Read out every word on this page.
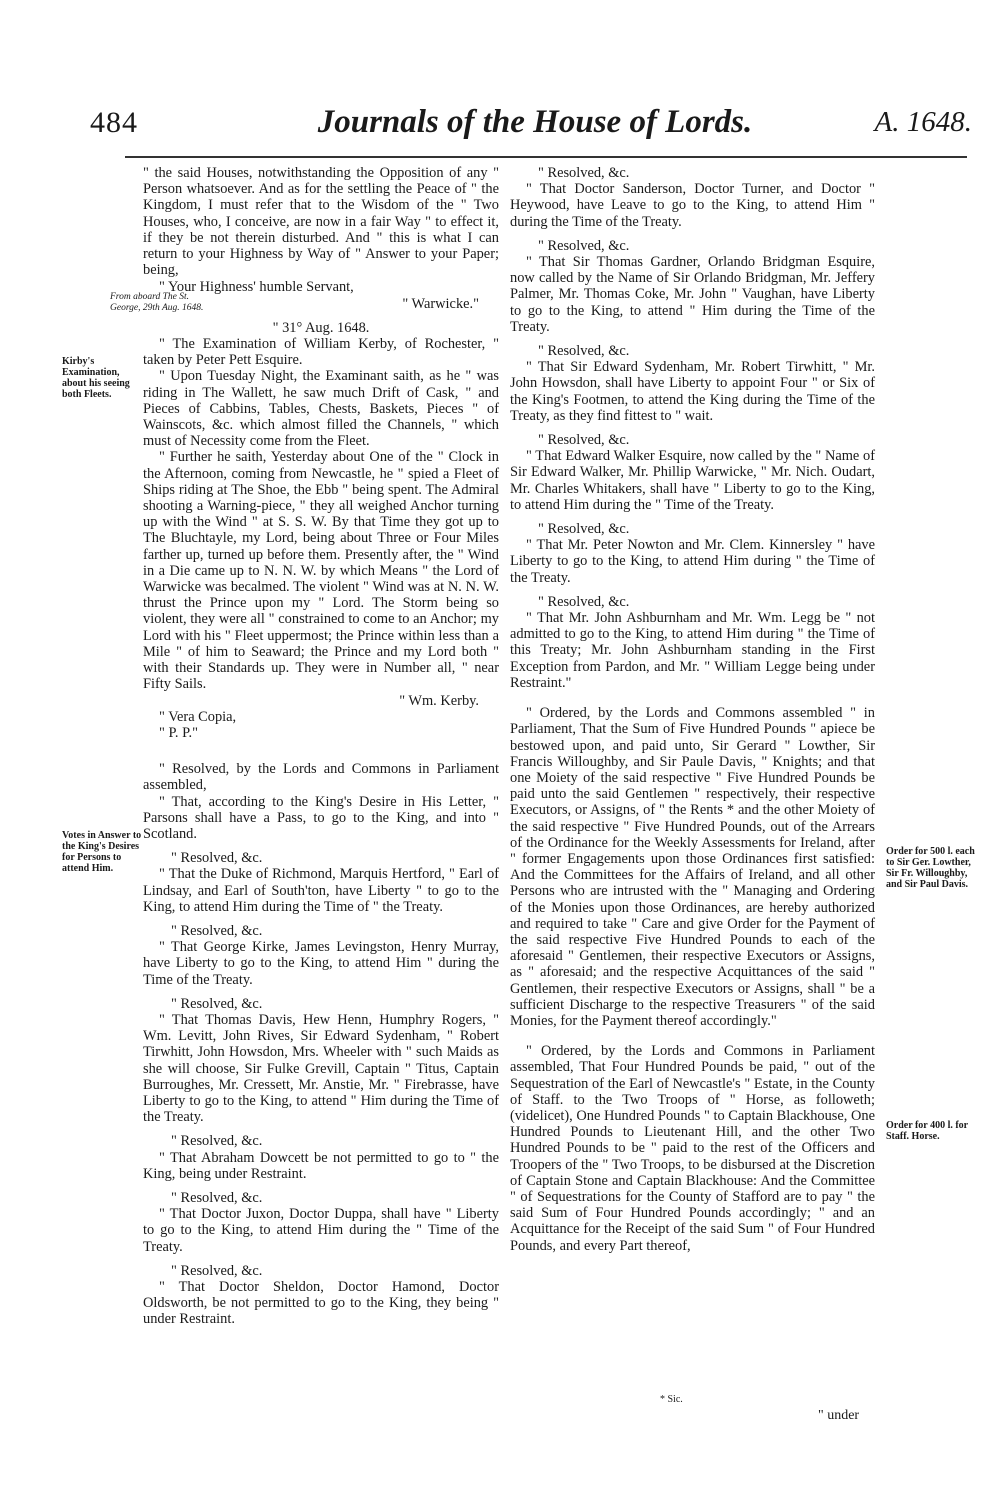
484	Journals of the House of Lords.	A. 1648.
From aboard The St. George, 29th Aug. 1648.
Kirby's Examination, about his seeing both Fleets.
Votes in Answer to the King's Desires for Persons to attend Him.
Order for 500 l. each to Sir Ger. Lowther, Sir Fr. Willoughby, and Sir Paul Davis.
Order for 400 l. for Staff. Horse.

" the said Houses, notwithstanding the Opposition of any " Person whatsoever. And as for the settling the Peace of " the Kingdom, I must refer that to the Wisdom of the " Two Houses, who, I conceive, are now in a fair Way " to effect it, if they be not therein disturbed. And " this is what I can return to your Highness by Way of " Answer to your Paper; being,

" Your Highness' humble Servant,

" Warwicke."

" 31° Aug. 1648.

" The Examination of William Kerby, of Rochester, " taken by Peter Pett Esquire.

" Upon Tuesday Night, the Examinant saith, as he " was riding in The Wallett, he saw much Drift of Cask, " and Pieces of Cabbins, Tables, Chests, Baskets, Pieces " of Wainscots, &c. which almost filled the Channels, " which must of Necessity come from the Fleet.

" Further he saith, Yesterday about One of the " Clock in the Afternoon, coming from Newcastle, he " spied a Fleet of Ships riding at The Shoe, the Ebb " being spent. The Admiral shooting a Warning-piece, " they all weighed Anchor turning up with the Wind " at S. S. W. By that Time they got up to The Bluchtayle, my Lord, being about Three or Four Miles farther up, turned up before them. Presently after, the " Wind in a Die came up to N. N. W. by which Means " the Lord of Warwicke was becalmed. The violent " Wind was at N. N. W. thrust the Prince upon my " Lord. The Storm being so violent, they were all " constrained to come to an Anchor; my Lord with his " Fleet uppermost; the Prince within less than a Mile " of him to Seaward; the Prince and my Lord both " with their Standards up. They were in Number all, " near Fifty Sails.

" Wm. Kerby.

" Vera Copia,

" P. P."

" Resolved, by the Lords and Commons in Parliament assembled,

" That, according to the King's Desire in His Letter, " Parsons shall have a Pass, to go to the King, and into " Scotland.

" Resolved, &c.

" That the Duke of Richmond, Marquis Hertford, " Earl of Lindsay, and Earl of South'ton, have Liberty " to go to the King, to attend Him during the Time of " the Treaty.

" Resolved, &c.

" That George Kirke, James Levingston, Henry Murray, have Liberty to go to the King, to attend Him " during the Time of the Treaty.

" Resolved, &c.

" That Thomas Davis, Hew Henn, Humphry Rogers, " Wm. Levitt, John Rives, Sir Edward Sydenham, " Robert Tirwhitt, John Howsdon, Mrs. Wheeler with " such Maids as she will choose, Sir Fulke Grevill, Captain " Titus, Captain Burroughes, Mr. Cressett, Mr. Anstie, Mr. " Firebrasse, have Liberty to go to the King, to attend " Him during the Time of the Treaty.

" Resolved, &c.

" That Abraham Dowcett be not permitted to go to " the King, being under Restraint.

" Resolved, &c.

" That Doctor Juxon, Doctor Duppa, shall have " Liberty to go to the King, to attend Him during the " Time of the Treaty.

" Resolved, &c.

" That Doctor Sheldon, Doctor Hamond, Doctor Oldsworth, be not permitted to go to the King, they being " under Restraint.

" Resolved, &c.

" That Doctor Sanderson, Doctor Turner, and Doctor " Heywood, have Leave to go to the King, to attend Him " during the Time of the Treaty.

" Resolved, &c.

" That Sir Thomas Gardner, Orlando Bridgman Esquire, now called by the Name of Sir Orlando Bridgman, Mr. Jeffery Palmer, Mr. Thomas Coke, Mr. John " Vaughan, have Liberty to go to the King, to attend " Him during the Time of the Treaty.

" Resolved, &c.

" That Sir Edward Sydenham, Mr. Robert Tirwhitt, " Mr. John Howsdon, shall have Liberty to appoint Four " or Six of the King's Footmen, to attend the King during the Time of the Treaty, as they find fittest to " wait.

" Resolved, &c.

" That Edward Walker Esquire, now called by the " Name of Sir Edward Walker, Mr. Phillip Warwicke, " Mr. Nich. Oudart, Mr. Charles Whitakers, shall have " Liberty to go to the King, to attend Him during the " Time of the Treaty.

" Resolved, &c.

" That Mr. Peter Nowton and Mr. Clem. Kinnersley " have Liberty to go to the King, to attend Him during " the Time of the Treaty.

" Resolved, &c.

" That Mr. John Ashburnham and Mr. Wm. Legg be " not admitted to go to the King, to attend Him during " the Time of this Treaty; Mr. John Ashburnham standing in the First Exception from Pardon, and Mr. " William Legge being under Restraint."

" Ordered, by the Lords and Commons assembled " in Parliament, That the Sum of Five Hundred Pounds " apiece be bestowed upon, and paid unto, Sir Gerard " Lowther, Sir Francis Willoughby, and Sir Paule Davis, " Knights; and that one Moiety of the said respective " Five Hundred Pounds be paid unto the said Gentlemen " respectively, their respective Executors, or Assigns, of " the Rents * and the other Moiety of the said respective " Five Hundred Pounds, out of the Arrears of the Ordinance for the Weekly Assessments for Ireland, after " former Engagements upon those Ordinances first satisfied: And the Committees for the Affairs of Ireland, and all other Persons who are intrusted with the " Managing and Ordering of the Monies upon those Ordinances, are hereby authorized and required to take " Care and give Order for the Payment of the said respective Five Hundred Pounds to each of the aforesaid " Gentlemen, their respective Executors or Assigns, as " aforesaid; and the respective Acquittances of the said " Gentlemen, their respective Executors or Assigns, shall " be a sufficient Discharge to the respective Treasurers " of the said Monies, for the Payment thereof accordingly."

" Ordered, by the Lords and Commons in Parliament assembled, That Four Hundred Pounds be paid, " out of the Sequestration of the Earl of Newcastle's " Estate, in the County of Staff. to the Two Troops of " Horse, as followeth; (videlicet), One Hundred Pounds " to Captain Blackhouse, One Hundred Pounds to Lieutenant Hill, and the other Two Hundred Pounds to be " paid to the rest of the Officers and Troopers of the " Two Troops, to be disbursed at the Discretion of Captain Stone and Captain Blackhouse: And the Committee " of Sequestrations for the County of Stafford are to pay " the said Sum of Four Hundred Pounds accordingly; " and an Acquittance for the Receipt of the said Sum " of Four Hundred Pounds, and every Part thereof,

* Sic.
" under
